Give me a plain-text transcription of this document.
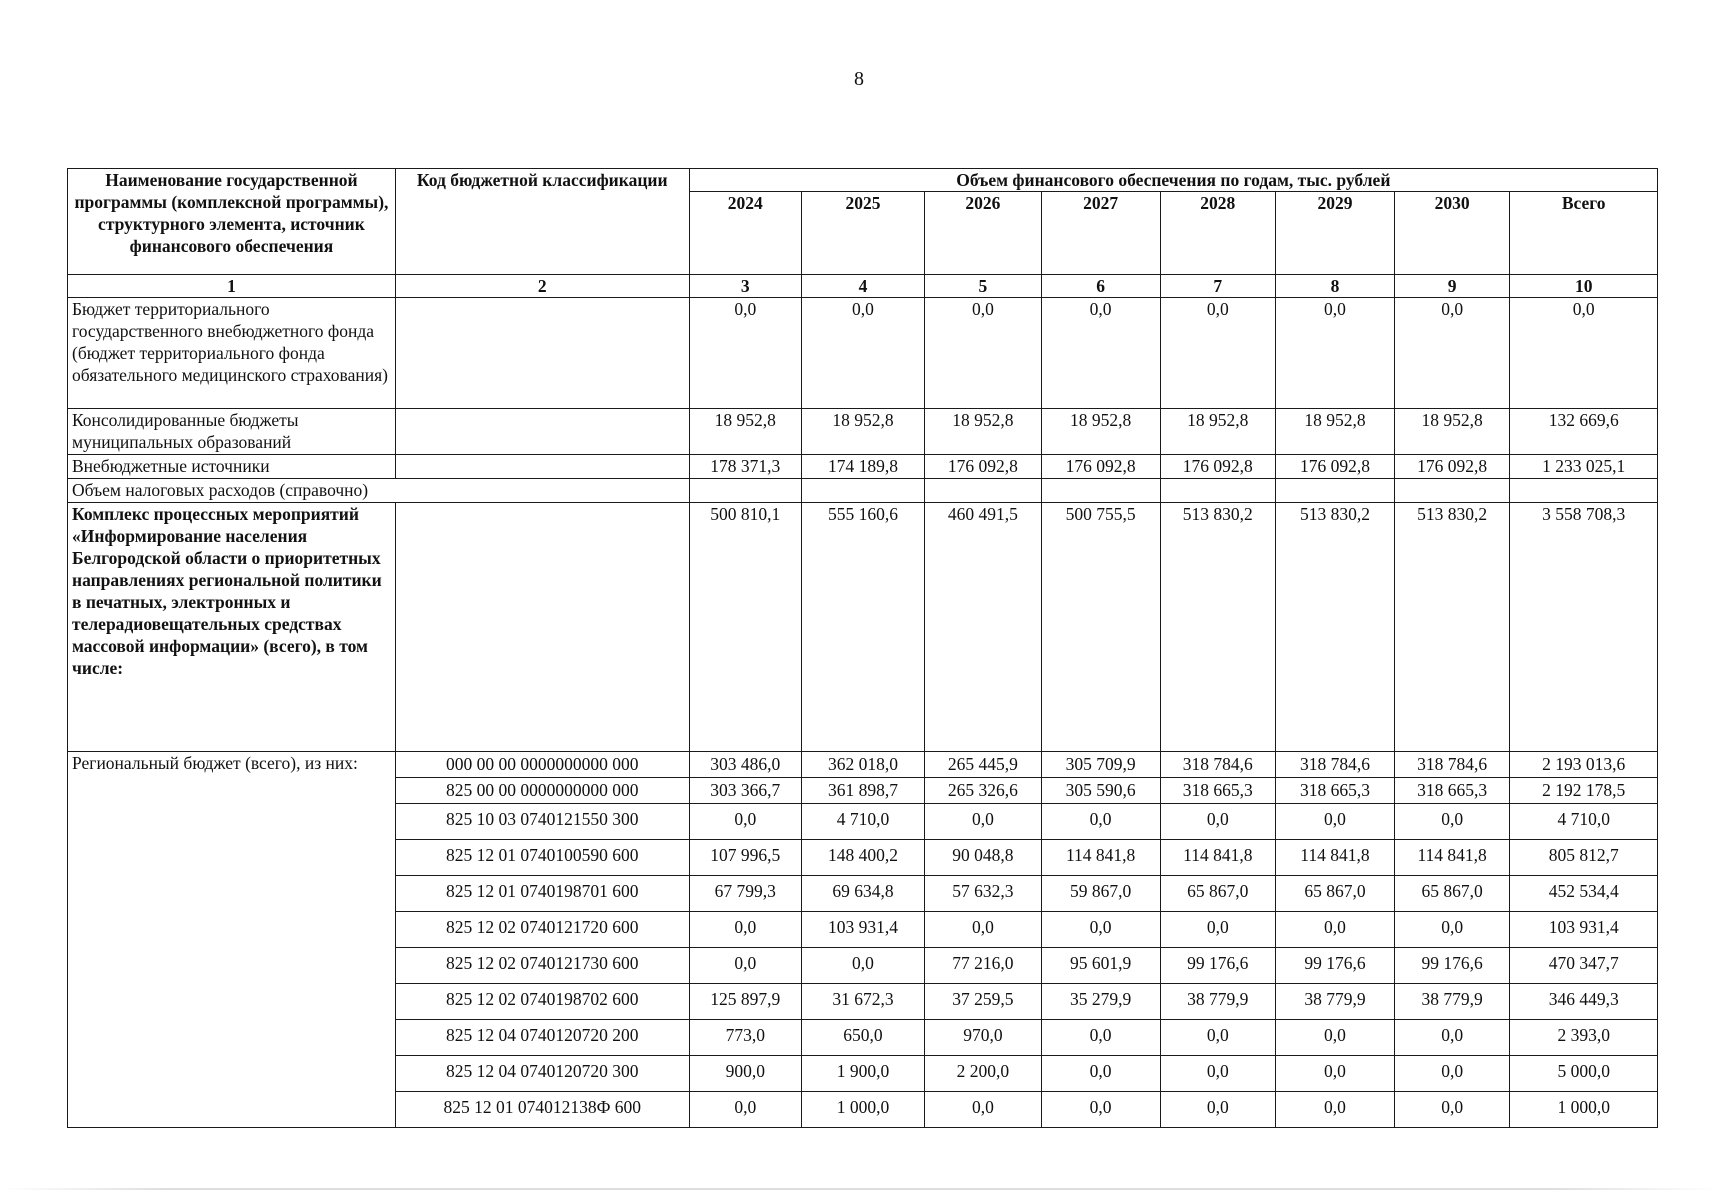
8
Наименование государственной программы (комплексной программы), структурного элемента, источник финансового обеспечения	Код бюджетной классификации	Объем финансового обеспечения по годам, тыс. рублей							
		2024	2025	2026	2027	2028	2029	2030	Всего
1	2	3	4	5	6	7	8	9	10
Бюджет территориального государственного внебюджетного фонда (бюджет территориального фонда обязательного медицинского страхования)		0,0	0,0	0,0	0,0	0,0	0,0	0,0	0,0
Консолидированные бюджеты муниципальных образований		18 952,8	18 952,8	18 952,8	18 952,8	18 952,8	18 952,8	18 952,8	132 669,6
Внебюджетные источники		178 371,3	174 189,8	176 092,8	176 092,8	176 092,8	176 092,8	176 092,8	1 233 025,1
Объем налоговых расходов (справочно)									
Комплекс процессных мероприятий «Информирование населения Белгородской области о приоритетных направлениях региональной политики в печатных, электронных и телерадиовещательных средствах массовой информации» (всего), в том числе:		500 810,1	555 160,6	460 491,5	500 755,5	513 830,2	513 830,2	513 830,2	3 558 708,3
Региональный бюджет (всего), из них:	000 00 00 0000000000 000	303 486,0	362 018,0	265 445,9	305 709,9	318 784,6	318 784,6	318 784,6	2 193 013,6
	825 00 00 0000000000 000	303 366,7	361 898,7	265 326,6	305 590,6	318 665,3	318 665,3	318 665,3	2 192 178,5
	825 10 03 0740121550 300	0,0	4 710,0	0,0	0,0	0,0	0,0	0,0	4 710,0
	825 12 01 0740100590 600	107 996,5	148 400,2	90 048,8	114 841,8	114 841,8	114 841,8	114 841,8	805 812,7
	825 12 01 0740198701 600	67 799,3	69 634,8	57 632,3	59 867,0	65 867,0	65 867,0	65 867,0	452 534,4
	825 12 02 0740121720 600	0,0	103 931,4	0,0	0,0	0,0	0,0	0,0	103 931,4
	825 12 02 0740121730 600	0,0	0,0	77 216,0	95 601,9	99 176,6	99 176,6	99 176,6	470 347,7
	825 12 02 0740198702 600	125 897,9	31 672,3	37 259,5	35 279,9	38 779,9	38 779,9	38 779,9	346 449,3
	825 12 04 0740120720 200	773,0	650,0	970,0	0,0	0,0	0,0	0,0	2 393,0
	825 12 04 0740120720 300	900,0	1 900,0	2 200,0	0,0	0,0	0,0	0,0	5 000,0
	825 12 01 074012138Ф 600	0,0	1 000,0	0,0	0,0	0,0	0,0	0,0	1 000,0
